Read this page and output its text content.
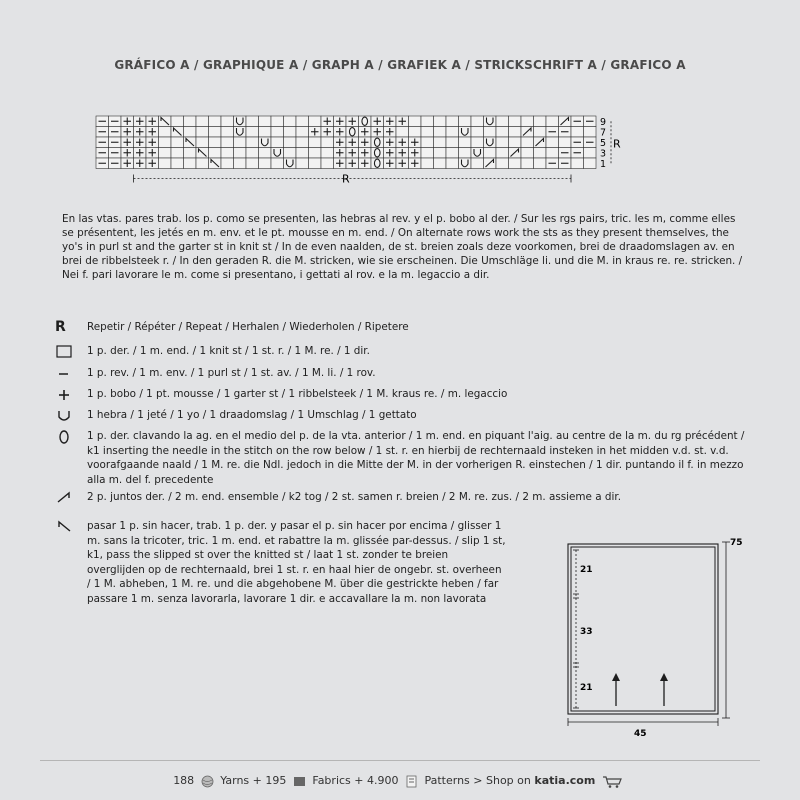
GRÁFICO A / GRAPHIQUE A / GRAPH A / GRAFIEK A / STRICKSCHRIFT A / GRAFICO A
9
7
5
3
1
R
R
En las vtas. pares trab. los p. como se presenten, las hebras al rev. y el p. bobo al der. / Sur les rgs pairs, tric. les m, comme elles se présentent, les jetés en m. env. et le pt. mousse en m. end. / On alternate rows work the sts as they present themselves, the yo's in purl st and the garter st in knit st / In de even naalden, de st. breien zoals deze voorkomen, brei de draadomslagen av. en brei de ribbelsteek r. / In den geraden R. die M. stricken, wie sie erscheinen. Die Umschläge li. und die M. in kraus re. re. stricken. / Nei f. pari lavorare le m. come si presentano, i gettati al rov. e la m. legaccio a dir.
R	Repetir / Répéter / Repeat / Herhalen / Wiederholen / Ripetere
1 p. der. / 1 m. end. / 1 knit st / 1 st. r. / 1 M. re. / 1 dir.
1 p. rev. / 1 m. env. / 1 purl st / 1 st. av. / 1 M. li. / 1 rov.
1 p. bobo / 1 pt. mousse / 1 garter st / 1 ribbelsteek / 1 M. kraus re. / m. legaccio
1 hebra / 1 jeté / 1 yo / 1 draadomslag / 1 Umschlag / 1 gettato
1 p. der. clavando la ag. en el medio del p. de la vta. anterior / 1 m. end. en piquant l'aig. au centre de la m. du rg précédent / k1 inserting the needle in the stitch on the row below / 1 st. r. en hierbij de rechternaald insteken in het midden v.d. st. v.d. voorafgaande naald / 1 M. re. die Ndl. jedoch in die Mitte der M. in der vorherigen R. einstechen / 1 dir. puntando il f. in mezzo alla m. del f. precedente
2 p. juntos der. / 2 m. end. ensemble / k2 tog / 2 st. samen r. breien / 2 M. re. zus. / 2 m. assieme a dir.
pasar 1 p. sin hacer, trab. 1 p. der. y pasar el p. sin hacer por encima / glisser 1 m. sans la tricoter, tric. 1 m. end. et rabattre la m. glissée par-dessus. / slip 1 st, k1, pass the slipped st over the knitted st / laat 1 st. zonder te breien overglijden op de rechternaald, brei 1 st. r. en haal hier de ongebr. st. overheen / 1 M. abheben, 1 M. re. und die abgehobene M. über die gestrickte heben / far passare 1 m. senza lavorarla, lavorare 1 dir. e accavallare la m. non lavorata
75
21
33
21
45
188 Yarns + 195 Fabrics + 4.900 Patterns > Shop on katia.com
